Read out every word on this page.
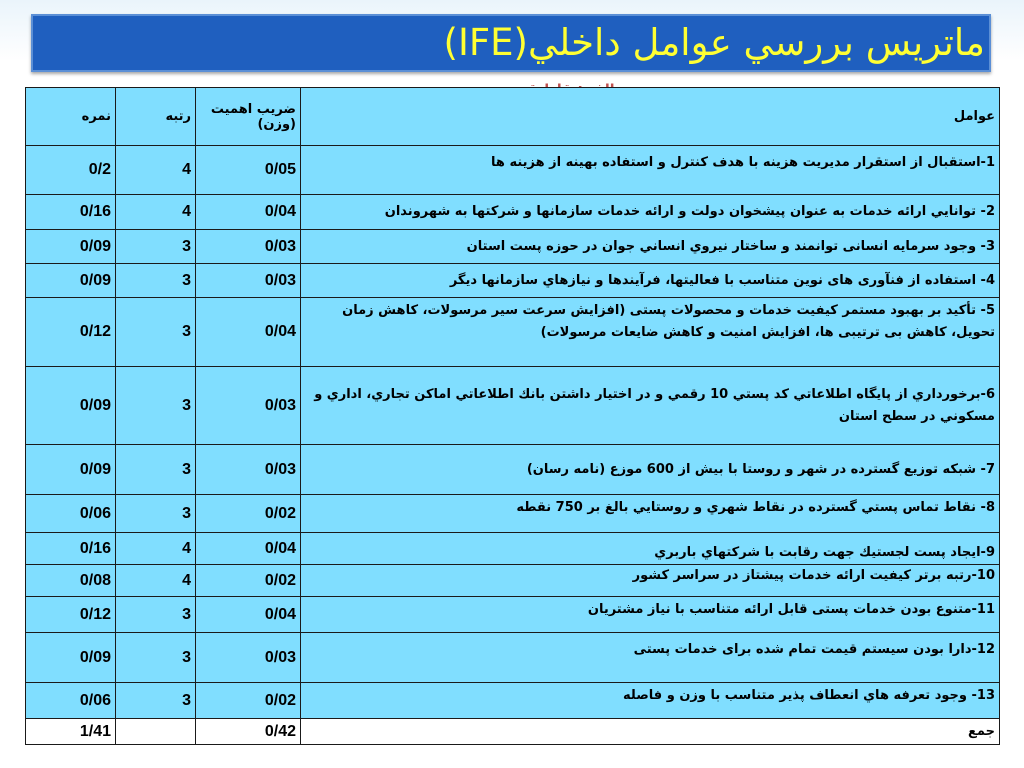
ماتريس بررسي عوامل داخلي(IFE)
نمره	رتبه	ضريب اهميت (وزن)	عوامل
0/2	4	0/05	1-استقبال از استقرار مديريت هزينه با هدف كنترل و استفاده بهينه از هزينه ها
0/16	4	0/04	2- توانايي ارائه خدمات به عنوان پيشخوان دولت و ارائه خدمات سازمانها و شركتها به شهروندان
0/09	3	0/03	3- وجود سرمايه انسانی توانمند و ساختار نيروي انساني جوان در حوزه پست استان
0/09	3	0/03	4- استفاده از فنآوری های نوين متناسب با فعاليتها، فرآيندها و نيازهاي سازمانها ديگر
0/12	3	0/04	5- تأكيد بر بهبود مستمر كيفيت خدمات و محصولات پستی (افزايش سرعت سير مرسولات، كاهش زمان تحويل، كاهش بی ترتيبی ها، افزايش امنيت و كاهش ضايعات مرسولات)
0/09	3	0/03	6-برخورداري از پايگاه اطلاعاتي كد پستي 10 رقمي و در اختيار داشتن بانك اطلاعاتي اماكن تجاري، اداري و مسكوني در سطح استان
0/09	3	0/03	7- شبكه توزيع گسترده در شهر و روستا با بيش از 600 موزع (نامه رسان)
0/06	3	0/02	8- نقاط تماس پستي گسترده در نقاط شهري و روستايي بالغ بر 750 نقطه
0/16	4	0/04	9-ايجاد پست لجستيك جهت رقابت با شركتهاي باربري
0/08	4	0/02	10-رتبه برتر كيفيت ارائه خدمات پيشتاز در سراسر كشور
0/12	3	0/04	11-متنوع بودن خدمات پستی قابل ارائه متناسب با نياز مشتريان
0/09	3	0/03	12-دارا بودن سيستم قيمت تمام شده برای خدمات پستی
0/06	3	0/02	13- وجود تعرفه هاي انعطاف پذير متناسب با وزن و فاصله
1/41		0/42	جمع
